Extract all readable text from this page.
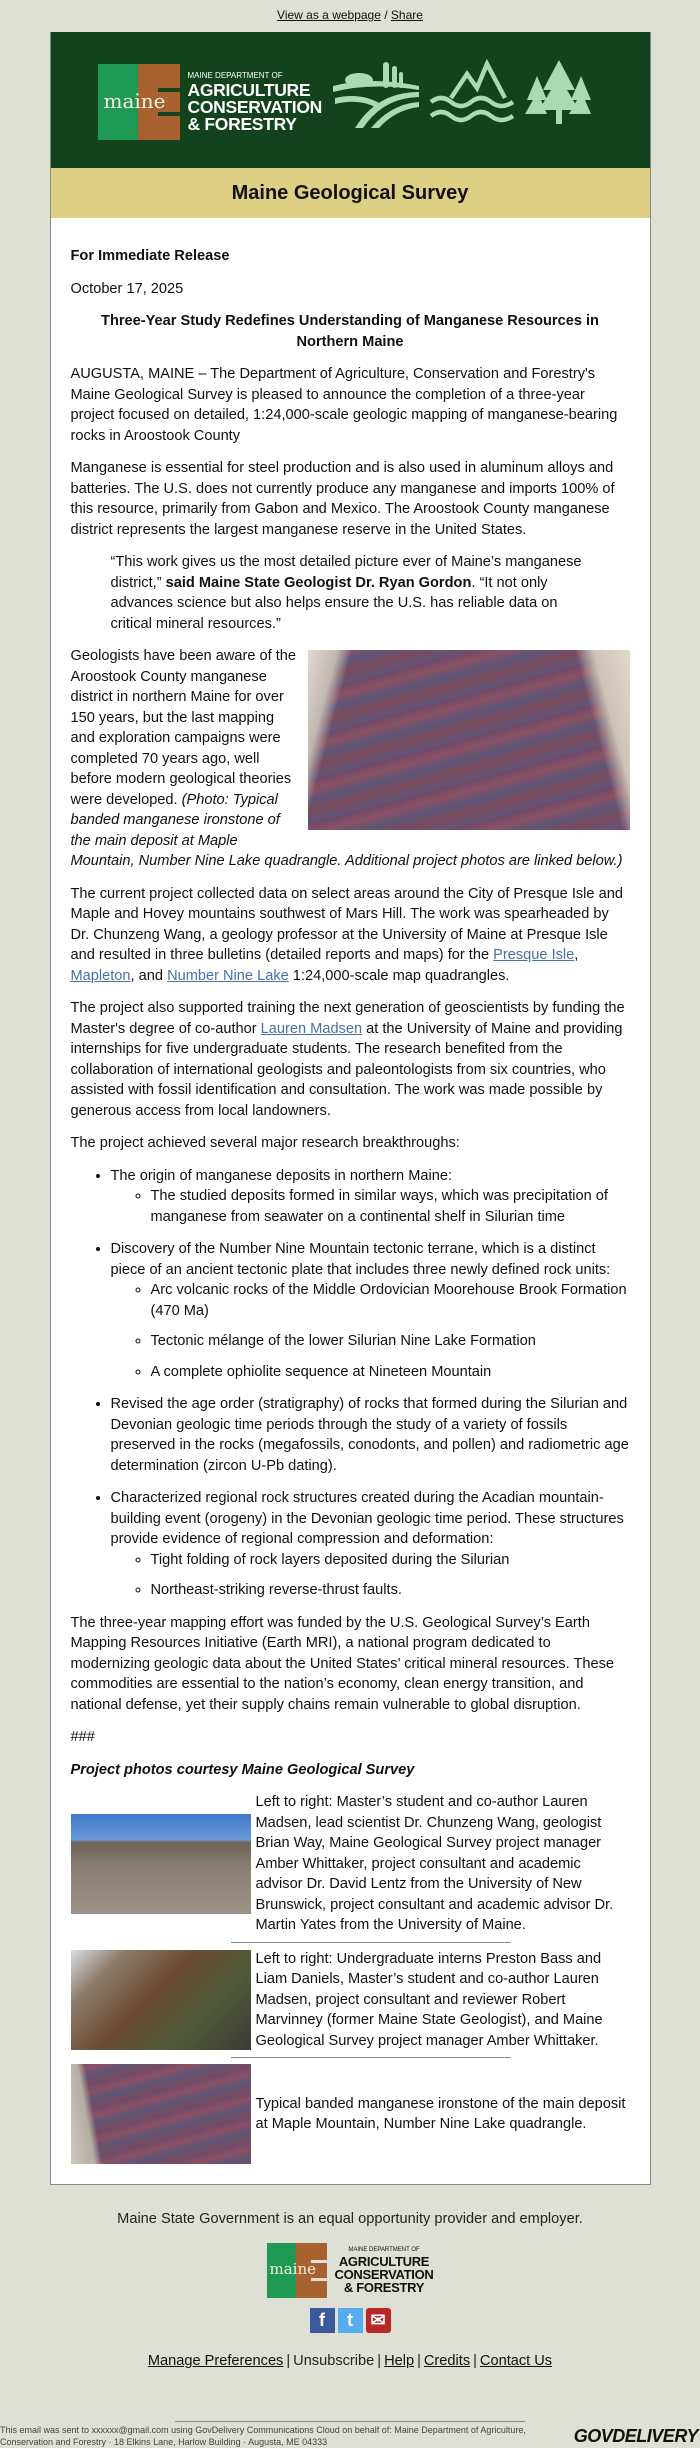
View as a webpage / Share
maine
MAINE DEPARTMENT OF
AGRICULTURE
CONSERVATION
& FORESTRY
Maine Geological Survey

For Immediate Release

October 17, 2025

Three-Year Study Redefines Understanding of Manganese Resources in Northern Maine

AUGUSTA, MAINE – The Department of Agriculture, Conservation and Forestry's Maine Geological Survey is pleased to announce the completion of a three-year project focused on detailed, 1:24,000-scale geologic mapping of manganese-bearing rocks in Aroostook County

Manganese is essential for steel production and is also used in aluminum alloys and batteries. The U.S. does not currently produce any manganese and imports 100% of this resource, primarily from Gabon and Mexico. The Aroostook County manganese district represents the largest manganese reserve in the United States.

“This work gives us the most detailed picture ever of Maine’s manganese district,” said Maine State Geologist Dr. Ryan Gordon. “It not only advances science but also helps ensure the U.S. has reliable data on critical mineral resources.”

Geologists have been aware of the Aroostook County manganese district in northern Maine for over 150 years, but the last mapping and exploration campaigns were completed 70 years ago, well before modern geological theories were developed. (Photo: Typical banded manganese ironstone of the main deposit at Maple Mountain, Number Nine Lake quadrangle. Additional project photos are linked below.)

The current project collected data on select areas around the City of Presque Isle and Maple and Hovey mountains southwest of Mars Hill. The work was spearheaded by Dr. Chunzeng Wang, a geology professor at the University of Maine at Presque Isle and resulted in three bulletins (detailed reports and maps) for the Presque Isle, Mapleton, and Number Nine Lake 1:24,000-scale map quadrangles.

The project also supported training the next generation of geoscientists by funding the Master's degree of co-author Lauren Madsen at the University of Maine and providing internships for five undergraduate students. The research benefited from the collaboration of international geologists and paleontologists from six countries, who assisted with fossil identification and consultation. The work was made possible by generous access from local landowners.

The project achieved several major research breakthroughs:

• The origin of manganese deposits in northern Maine:
◦ The studied deposits formed in similar ways, which was precipitation of manganese from seawater on a continental shelf in Silurian time
• Discovery of the Number Nine Mountain tectonic terrane, which is a distinct piece of an ancient tectonic plate that includes three newly defined rock units:
◦ Arc volcanic rocks of the Middle Ordovician Moorehouse Brook Formation (470 Ma)
◦ Tectonic mélange of the lower Silurian Nine Lake Formation
◦ A complete ophiolite sequence at Nineteen Mountain
• Revised the age order (stratigraphy) of rocks that formed during the Silurian and Devonian geologic time periods through the study of a variety of fossils preserved in the rocks (megafossils, conodonts, and pollen) and radiometric age determination (zircon U-Pb dating).
• Characterized regional rock structures created during the Acadian mountain-building event (orogeny) in the Devonian geologic time period. These structures provide evidence of regional compression and deformation:
◦ Tight folding of rock layers deposited during the Silurian
◦ Northeast-striking reverse-thrust faults.

The three-year mapping effort was funded by the U.S. Geological Survey’s Earth Mapping Resources Initiative (Earth MRI), a national program dedicated to modernizing geologic data about the United States’ critical mineral resources. These commodities are essential to the nation’s economy, clean energy transition, and national defense, yet their supply chains remain vulnerable to global disruption.

###

Project photos courtesy Maine Geological Survey

Left to right: Master’s student and co-author Lauren Madsen, lead scientist Dr. Chunzeng Wang, geologist Brian Way, Maine Geological Survey project manager Amber Whittaker, project consultant and academic advisor Dr. David Lentz from the University of New Brunswick, project consultant and academic advisor Dr. Martin Yates from the University of Maine.
Left to right: Undergraduate interns Preston Bass and Liam Daniels, Master’s student and co-author Lauren Madsen, project consultant and reviewer Robert Marvinney (former Maine State Geologist), and Maine Geological Survey project manager Amber Whittaker.
Typical banded manganese ironstone of the main deposit at Maple Mountain, Number Nine Lake quadrangle.

Maine State Government is an equal opportunity provider and employer.

maine
MAINE DEPARTMENT OF
AGRICULTURE
CONSERVATION
& FORESTRY
f	t ✉
Manage Preferences | Unsubscribe | Help | Credits | Contact Us
This email was sent to xxxxxx@gmail.com using GovDelivery Communications Cloud on behalf of: Maine Department of Agriculture, Conservation and Forestry · 18 Elkins Lane, Harlow Building · Augusta, ME 04333	GOVDELIVERY
